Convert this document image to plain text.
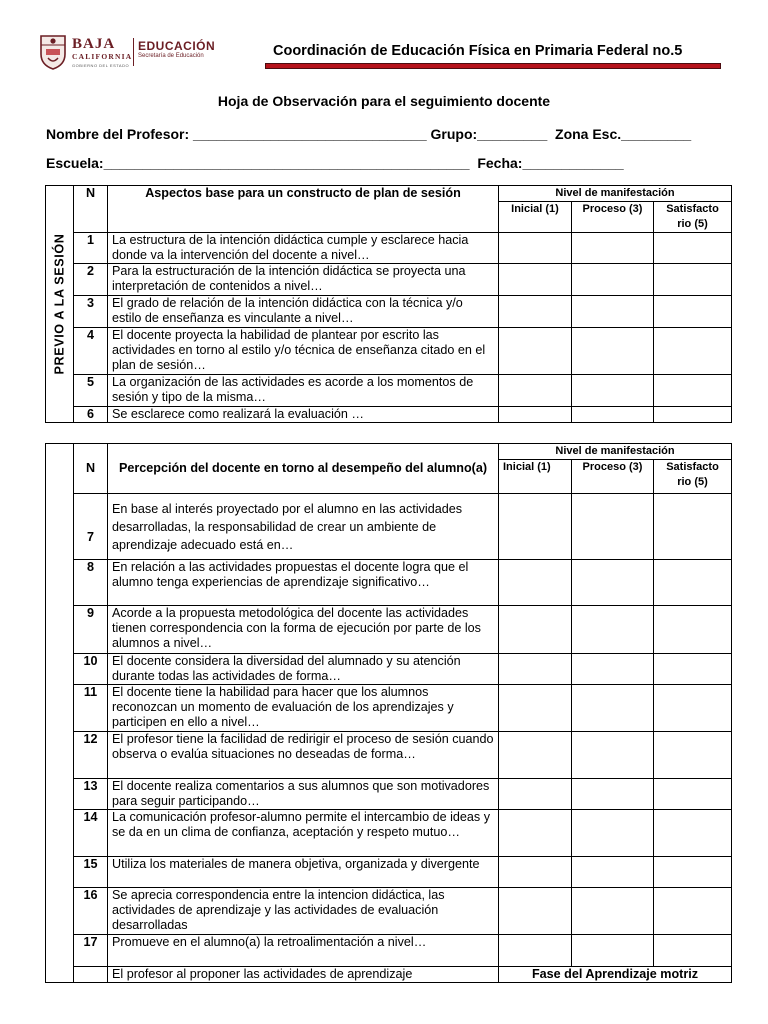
BAJA
CALIFORNIA
GOBIERNO DEL ESTADO
EDUCACIÓN
Secretaría de Educación	Coordinación de Educación Física en Primaria Federal no.5
Hoja de Observación para el seguimiento docente
Nombre del Profesor: ______________________________ Grupo:_________  Zona Esc._________
Escuela:_______________________________________________  Fecha:_____________
PREVIO A LA SESIÓN	N	Aspectos base para un constructo de plan de sesión	Nivel de manifestación		
			Inicial (1)	Proceso (3)	Satisfacto rio (5)
	1	La estructura de la intención didáctica cumple y esclarece hacia donde va la intervención del docente a nivel…			
	2	Para la estructuración de la intención didáctica se proyecta una interpretación de contenidos a nivel…			
	3	El grado de relación de la intención didáctica con la técnica y/o estilo de enseñanza es vinculante a nivel…			
	4	El docente proyecta la habilidad de plantear por escrito las actividades en torno al estilo y/o técnica de enseñanza citado en el plan de sesión…			
	5	La organización de las actividades es acorde a los momentos de sesión y tipo de la misma…			
	6	Se esclarece como realizará la evaluación …			
	N	Percepción del docente en torno al desempeño del alumno(a)	Nivel de manifestación		
			Inicial (1)	Proceso (3)	Satisfacto rio (5)
	7	En base al interés proyectado por el alumno en las actividades desarrolladas, la responsabilidad de crear un ambiente de aprendizaje adecuado está en…			
	8	En relación a las actividades propuestas el docente logra que el alumno tenga experiencias de aprendizaje significativo…			
	9	Acorde a la propuesta metodológica del docente las actividades tienen correspondencia con la forma de ejecución por parte de los alumnos a nivel…			
	10	El docente considera la diversidad del alumnado y su atención durante todas las actividades de forma…			
	11	El docente tiene la habilidad para hacer que los alumnos reconozcan un momento de evaluación de los aprendizajes y participen en ello a nivel…			
	12	El profesor tiene la facilidad de redirigir el proceso de sesión cuando observa o evalúa situaciones no deseadas de forma…			
	13	El docente realiza comentarios a sus alumnos que son motivadores para seguir participando…			
	14	La comunicación profesor-alumno permite el intercambio de ideas y se da en un clima de confianza, aceptación y respeto mutuo…			
	15	Utiliza los materiales de manera objetiva, organizada y divergente			
	16	Se aprecia correspondencia entre la intencion didáctica, las actividades de aprendizaje y las actividades de evaluación desarrolladas			
	17	Promueve en el alumno(a) la retroalimentación a nivel…			
		El profesor al proponer las actividades de aprendizaje	Fase del Aprendizaje motriz		
